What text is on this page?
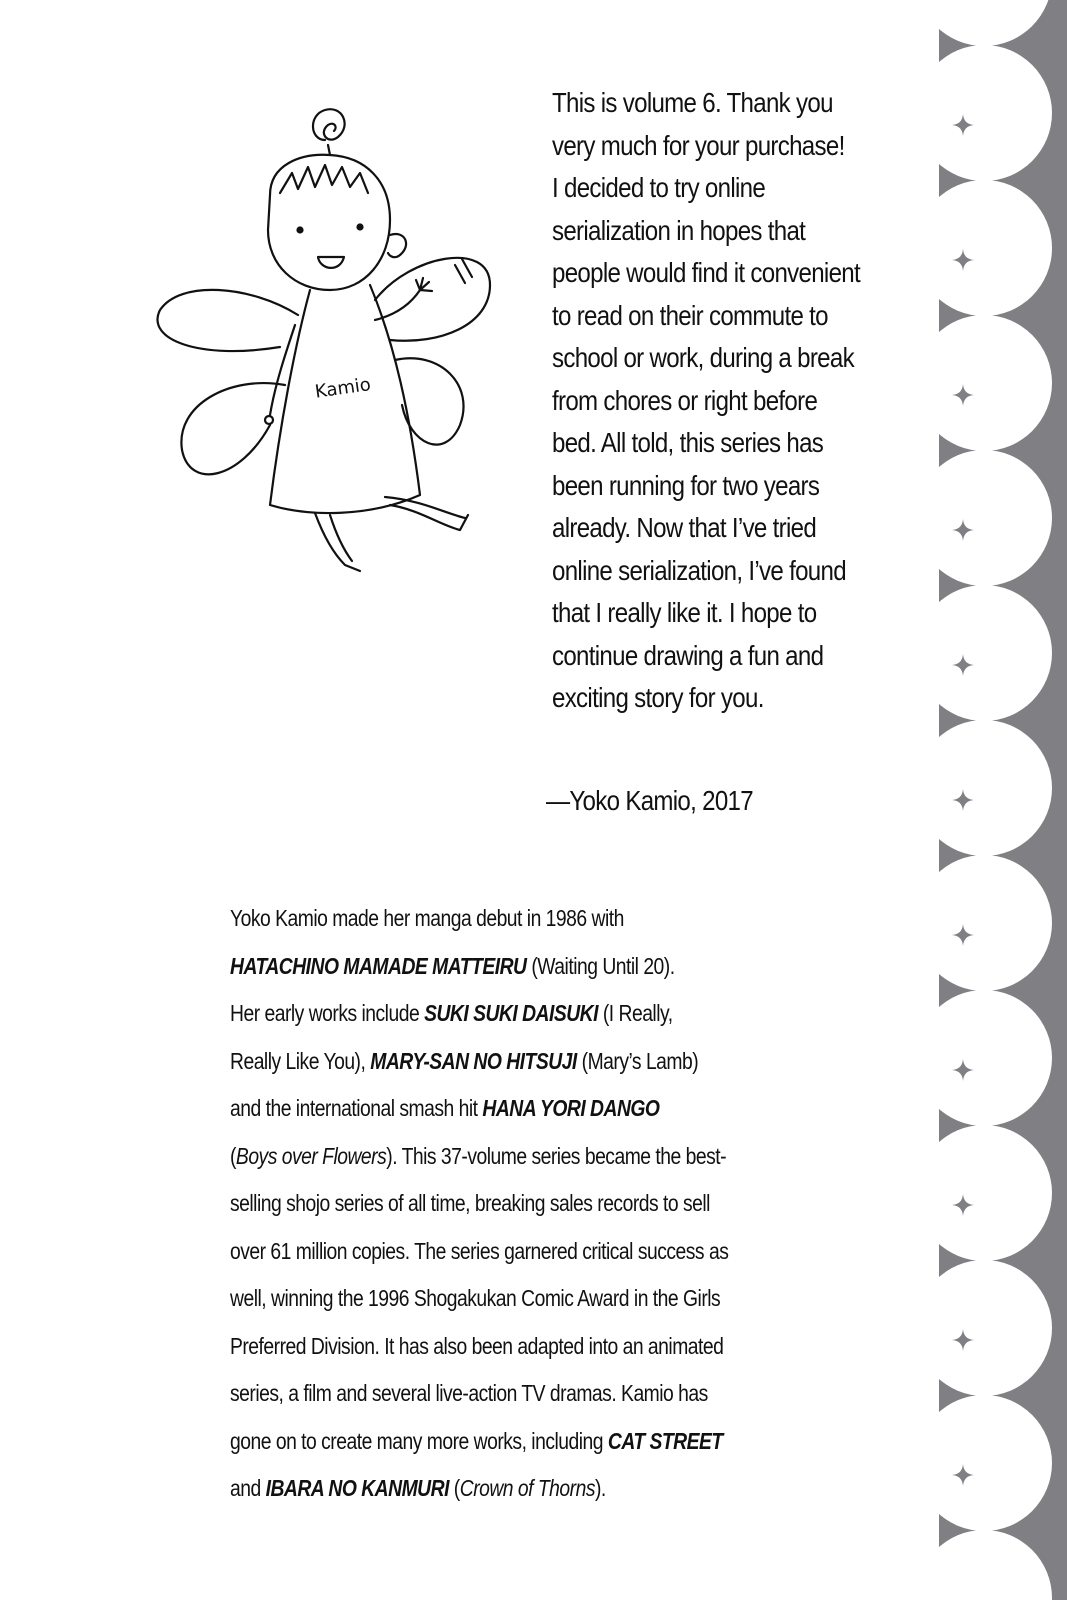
Kamio

This is volume 6. Thank you
very much for your purchase!
I decided to try online
serialization in hopes that
people would find it convenient
to read on their commute to
school or work, during a break
from chores or right before
bed. All told, this series has
been running for two years
already. Now that I’ve tried
online serialization, I’ve found
that I really like it. I hope to
continue drawing a fun and
exciting story for you.

—Yoko Kamio, 2017

Yoko Kamio made her manga debut in 1986 with
HATACHINO MAMADE MATTEIRU (Waiting Until 20).
Her early works include SUKI SUKI DAISUKI (I Really,
Really Like You), MARY-SAN NO HITSUJI (Mary’s Lamb)
and the international smash hit HANA YORI DANGO
(Boys over Flowers). This 37-volume series became the best-
selling shojo series of all time, breaking sales records to sell
over 61 million copies. The series garnered critical success as
well, winning the 1996 Shogakukan Comic Award in the Girls
Preferred Division. It has also been adapted into an animated
series, a film and several live-action TV dramas. Kamio has
gone on to create many more works, including CAT STREET
and IBARA NO KANMURI (Crown of Thorns).
